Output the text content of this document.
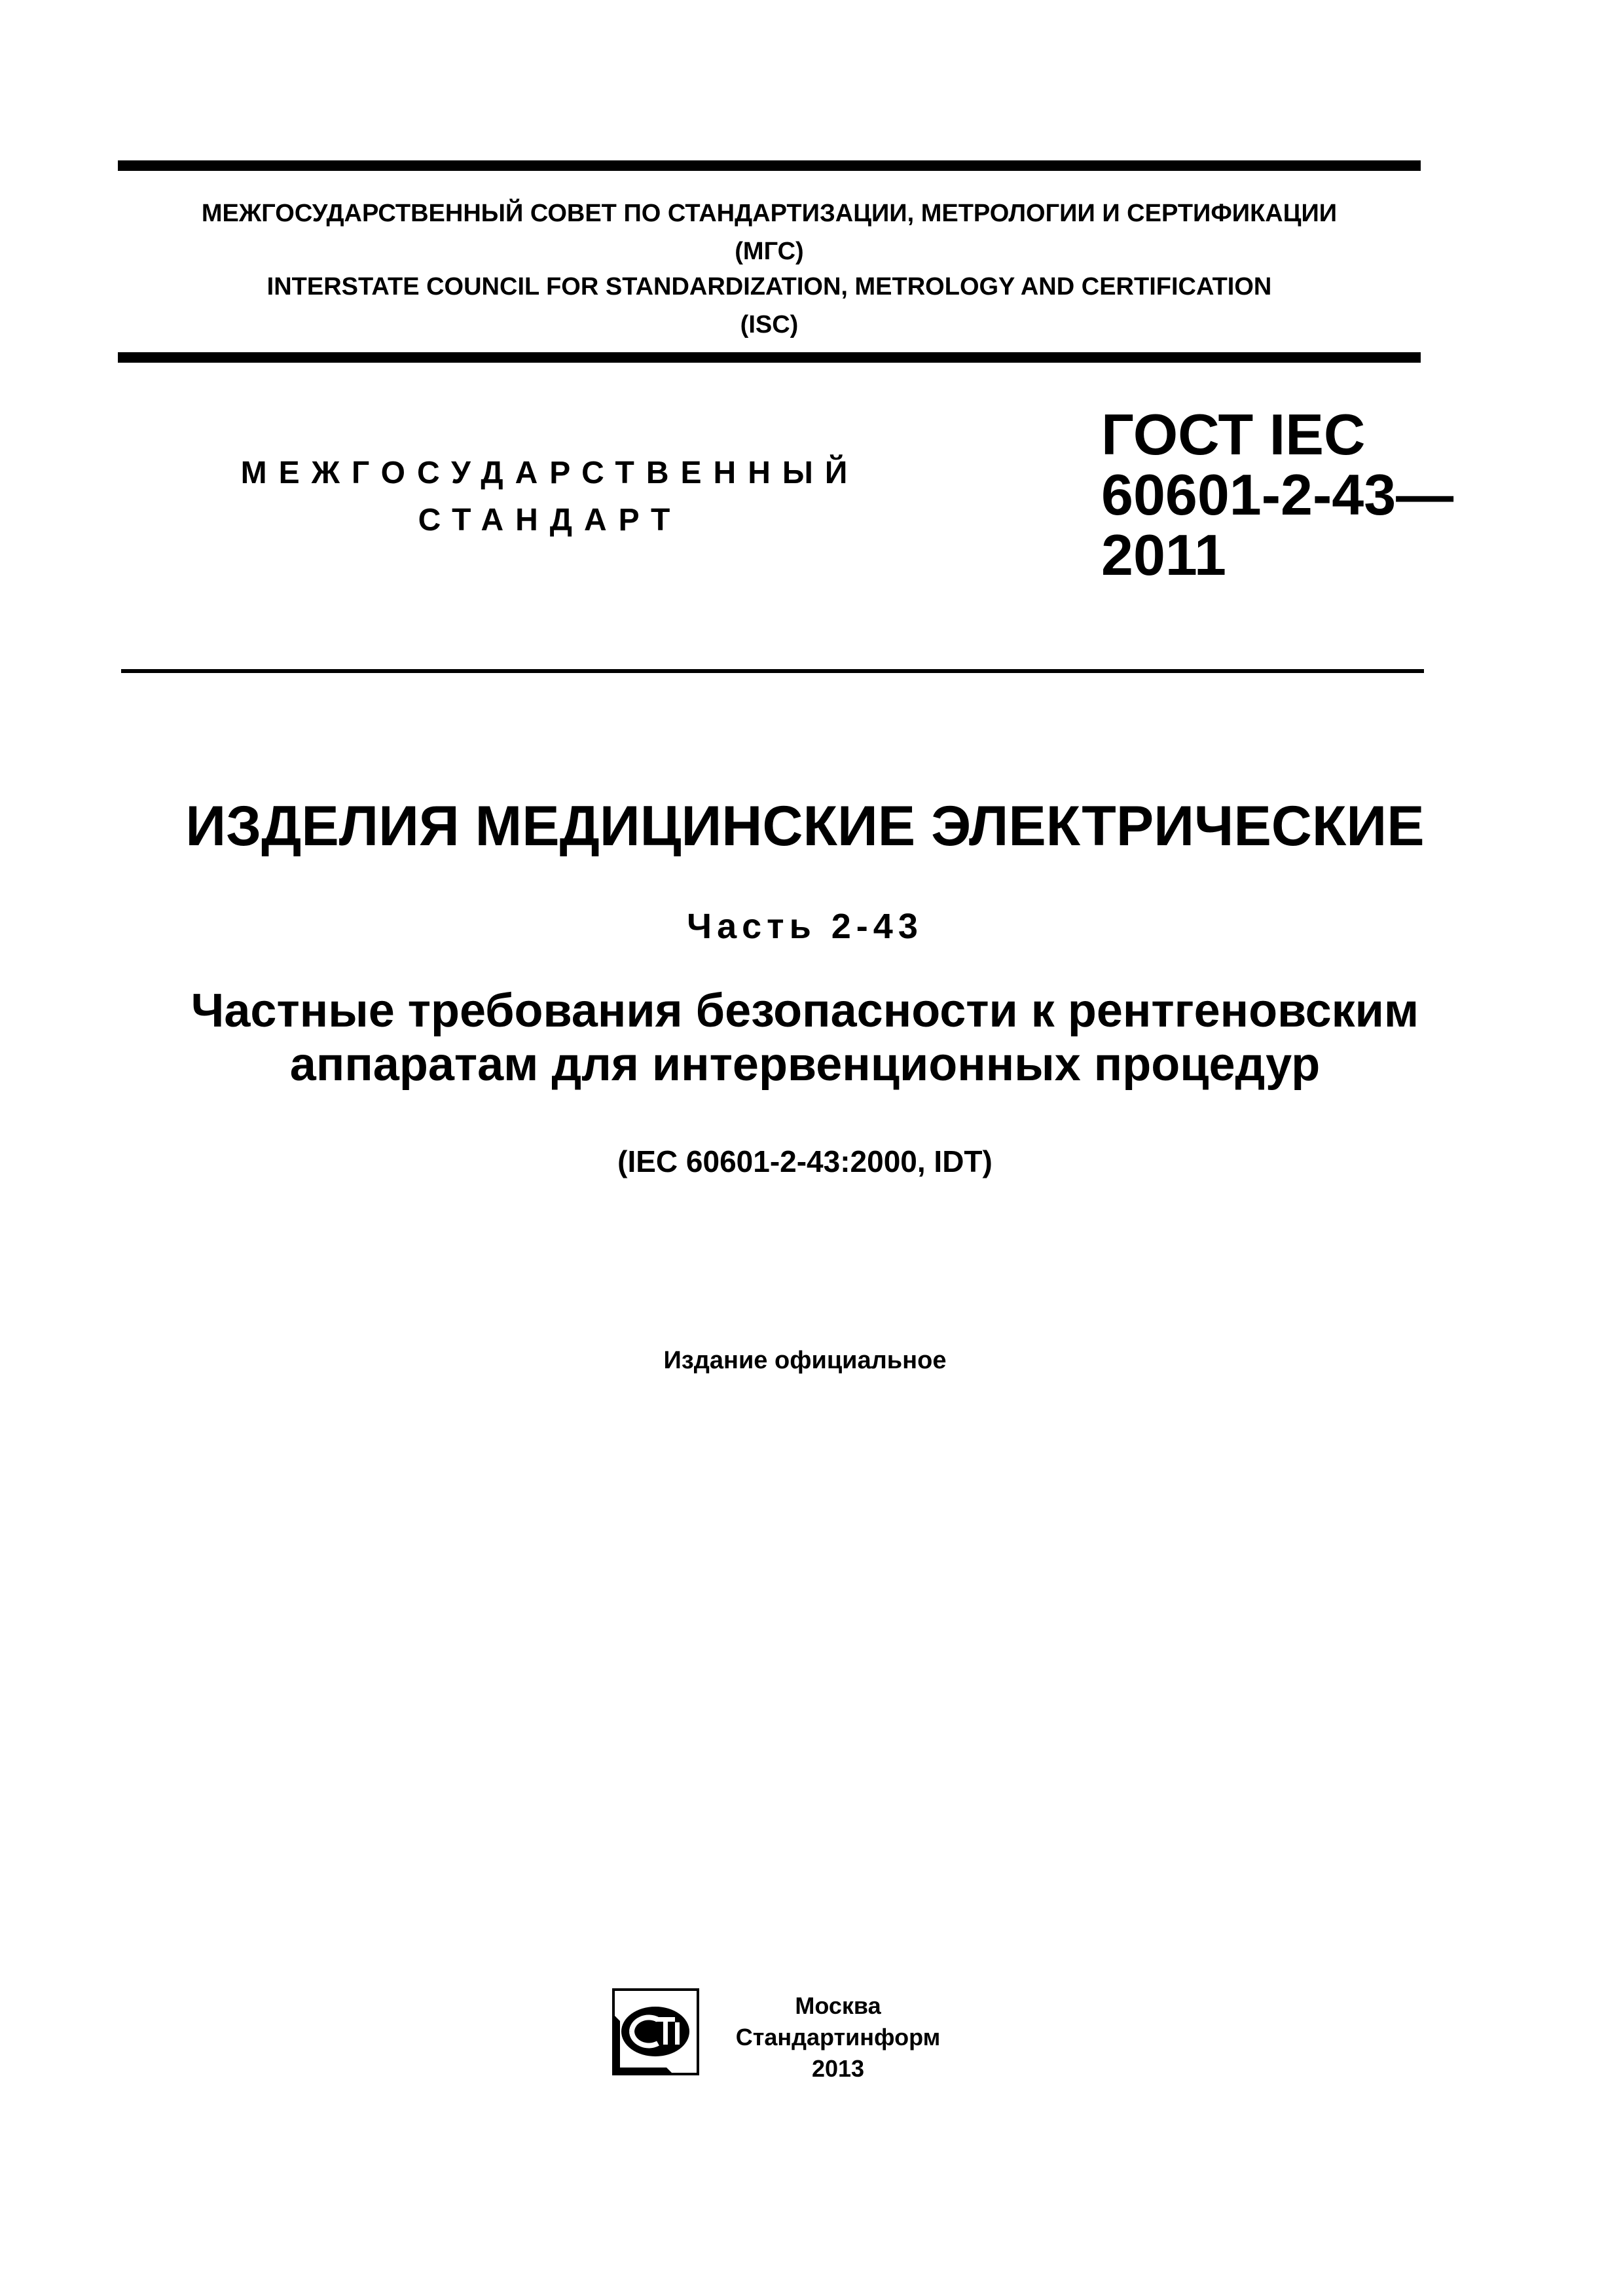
МЕЖГОСУДАРСТВЕННЫЙ СОВЕТ ПО СТАНДАРТИЗАЦИИ, МЕТРОЛОГИИ И СЕРТИФИКАЦИИ
(МГС)
INTERSTATE COUNCIL FOR STANDARDIZATION, METROLOGY AND CERTIFICATION
(ISC)
МЕЖГОСУДАРСТВЕННЫЙ
СТАНДАРТ
ГОСТ IEC
60601-2-43—
2011
ИЗДЕЛИЯ МЕДИЦИНСКИЕ ЭЛЕКТРИЧЕСКИЕ
Часть 2-43
Частные требования безопасности к рентгеновским
аппаратам для интервенционных процедур
(IEC 60601-2-43:2000, IDT)
Издание официальное
Москва
Стандартинформ
2013
